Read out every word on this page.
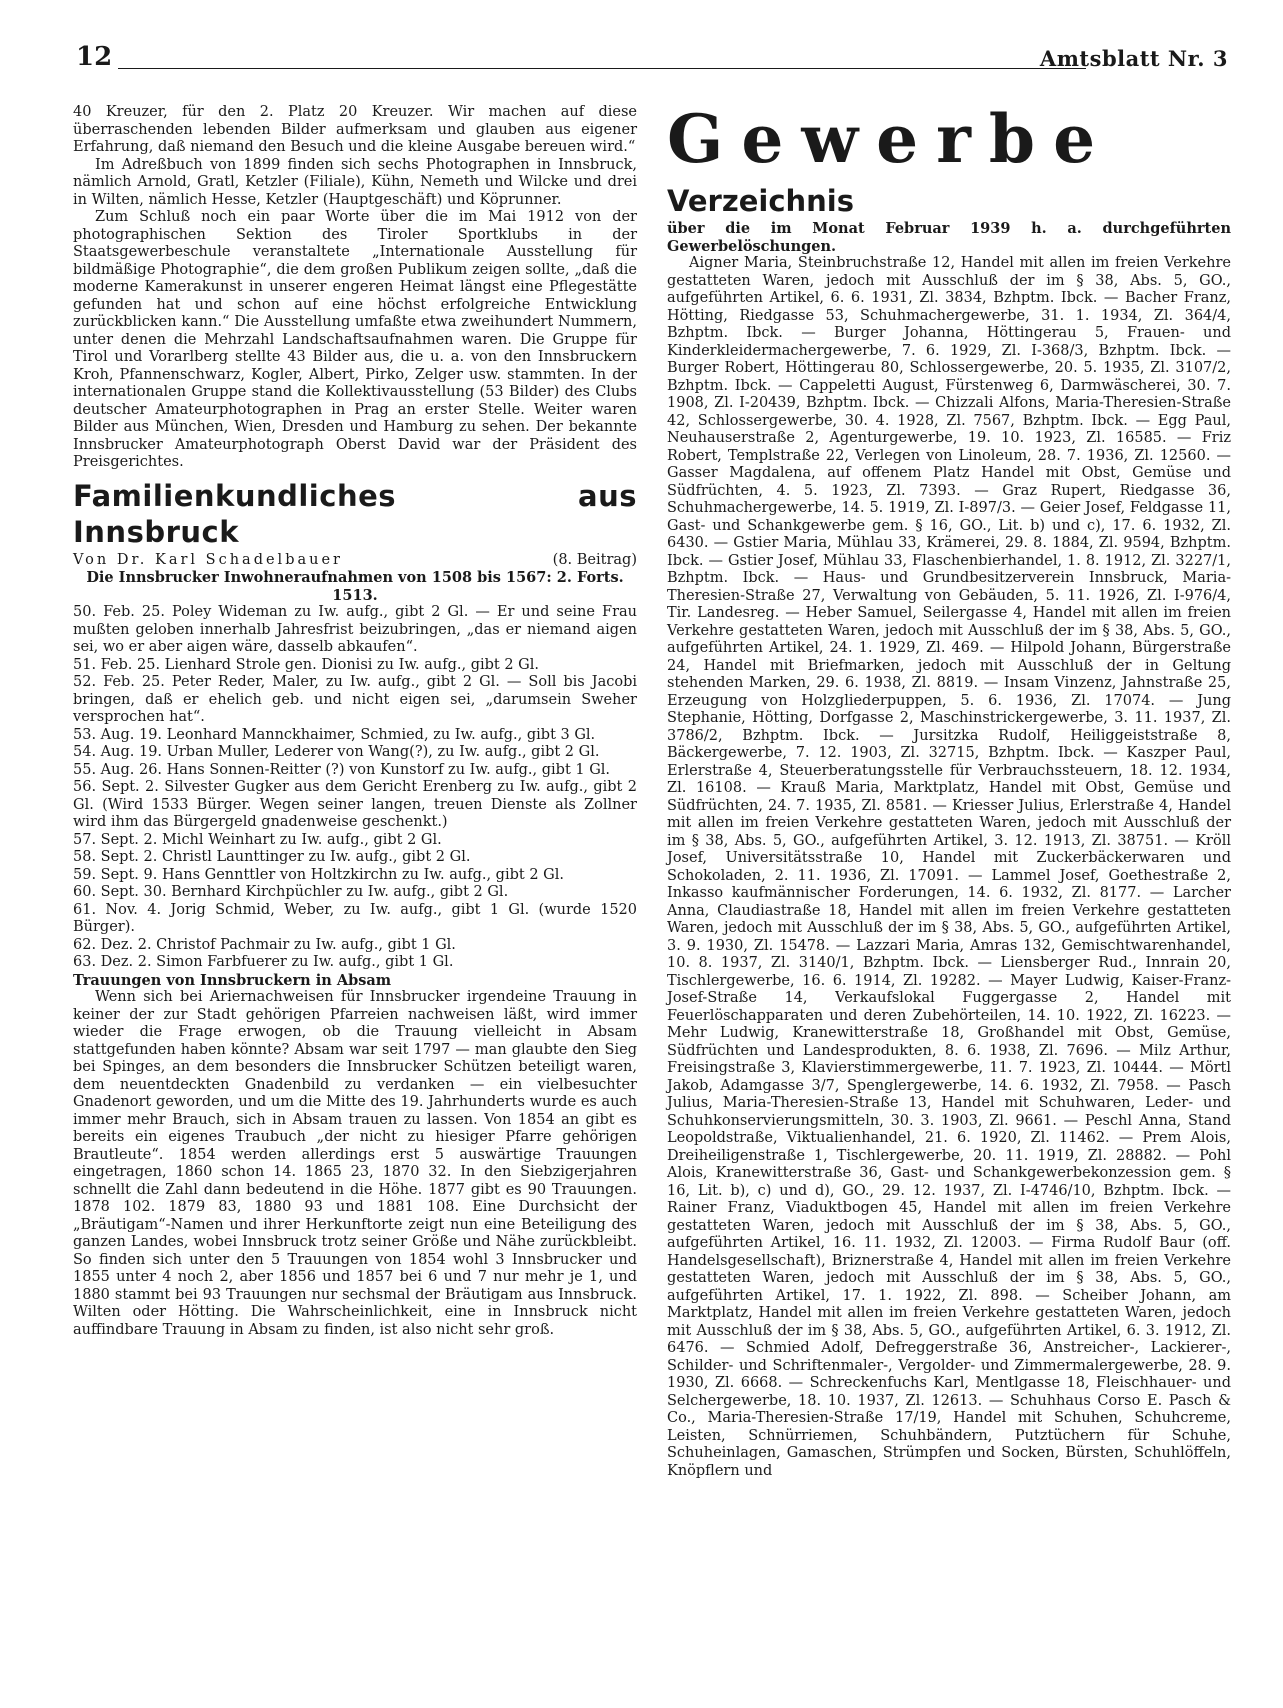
12	Amtsblatt Nr. 3

40 Kreuzer, für den 2. Platz 20 Kreuzer. Wir machen auf diese überraschenden lebenden Bilder aufmerksam und glauben aus eigener Erfahrung, daß niemand den Besuch und die kleine Ausgabe bereuen wird.“

Im Adreßbuch von 1899 finden sich sechs Photographen in Innsbruck, nämlich Arnold, Gratl, Ketzler (Filiale), Kühn, Nemeth und Wilcke und drei in Wilten, nämlich Hesse, Ketzler (Hauptgeschäft) und Köprunner.

Zum Schluß noch ein paar Worte über die im Mai 1912 von der photographischen Sektion des Tiroler Sportklubs in der Staatsgewerbeschule veranstaltete „Internationale Ausstellung für bildmäßige Photographie“, die dem großen Publikum zeigen sollte, „daß die moderne Kamerakunst in unserer engeren Heimat längst eine Pflegestätte gefunden hat und schon auf eine höchst erfolgreiche Entwicklung zurückblicken kann.“ Die Ausstellung umfaßte etwa zweihundert Nummern, unter denen die Mehrzahl Landschaftsaufnahmen waren. Die Gruppe für Tirol und Vorarlberg stellte 43 Bilder aus, die u. a. von den Innsbruckern Kroh, Pfannenschwarz, Kogler, Albert, Pirko, Zelger usw. stammten. In der internationalen Gruppe stand die Kollektivausstellung (53 Bilder) des Clubs deutscher Amateurphotographen in Prag an erster Stelle. Weiter waren Bilder aus München, Wien, Dresden und Hamburg zu sehen. Der bekannte Innsbrucker Amateurphotograph Oberst David war der Präsident des Preisgerichtes.

Familienkundliches aus Innsbruck
Von Dr. Karl Schadelbauer	(8. Beitrag)

Die Innsbrucker Inwohneraufnahmen von 1508 bis 1567: 2. Forts.

1513.

50. Feb. 25. Poley Wideman zu Iw. aufg., gibt 2 Gl. — Er und seine Frau mußten geloben innerhalb Jahresfrist beizubringen, „das er niemand aigen sei, wo er aber aigen wäre, dasselb abkaufen“.

51. Feb. 25. Lienhard Strole gen. Dionisi zu Iw. aufg., gibt 2 Gl.

52. Feb. 25. Peter Reder, Maler, zu Iw. aufg., gibt 2 Gl. — Soll bis Jacobi bringen, daß er ehelich geb. und nicht eigen sei, „darumsein Sweher versprochen hat“.

53. Aug. 19. Leonhard Mannckhaimer, Schmied, zu Iw. aufg., gibt 3 Gl.

54. Aug. 19. Urban Muller, Lederer von Wang(?), zu Iw. aufg., gibt 2 Gl.

55. Aug. 26. Hans Sonnen-Reitter (?) von Kunstorf zu Iw. aufg., gibt 1 Gl.

56. Sept. 2. Silvester Gugker aus dem Gericht Erenberg zu Iw. aufg., gibt 2 Gl. (Wird 1533 Bürger. Wegen seiner langen, treuen Dienste als Zollner wird ihm das Bürgergeld gnadenweise geschenkt.)

57. Sept. 2. Michl Weinhart zu Iw. aufg., gibt 2 Gl.

58. Sept. 2. Christl Launttinger zu Iw. aufg., gibt 2 Gl.

59. Sept. 9. Hans Gennttler von Holtzkirchn zu Iw. aufg., gibt 2 Gl.

60. Sept. 30. Bernhard Kirchpüchler zu Iw. aufg., gibt 2 Gl.

61. Nov. 4. Jorig Schmid, Weber, zu Iw. aufg., gibt 1 Gl. (wurde 1520 Bürger).

62. Dez. 2. Christof Pachmair zu Iw. aufg., gibt 1 Gl.

63. Dez. 2. Simon Farbfuerer zu Iw. aufg., gibt 1 Gl.

Trauungen von Innsbruckern in Absam

Wenn sich bei Ariernachweisen für Innsbrucker irgendeine Trauung in keiner der zur Stadt gehörigen Pfarreien nachweisen läßt, wird immer wieder die Frage erwogen, ob die Trauung vielleicht in Absam stattgefunden haben könnte? Absam war seit 1797 — man glaubte den Sieg bei Spinges, an dem besonders die Innsbrucker Schützen beteiligt waren, dem neuentdeckten Gnadenbild zu verdanken — ein vielbesuchter Gnadenort geworden, und um die Mitte des 19. Jahrhunderts wurde es auch immer mehr Brauch, sich in Absam trauen zu lassen. Von 1854 an gibt es bereits ein eigenes Traubuch „der nicht zu hiesiger Pfarre gehörigen Brautleute“. 1854 werden allerdings erst 5 auswärtige Trauungen eingetragen, 1860 schon 14. 1865 23, 1870 32. In den Siebzigerjahren schnellt die Zahl dann bedeutend in die Höhe. 1877 gibt es 90 Trauungen. 1878 102. 1879 83, 1880 93 und 1881 108. Eine Durchsicht der „Bräutigam“-Namen und ihrer Herkunftorte zeigt nun eine Beteiligung des ganzen Landes, wobei Innsbruck trotz seiner Größe und Nähe zurückbleibt. So finden sich unter den 5 Trauungen von 1854 wohl 3 Innsbrucker und 1855 unter 4 noch 2, aber 1856 und 1857 bei 6 und 7 nur mehr je 1, und 1880 stammt bei 93 Trauungen nur sechsmal der Bräutigam aus Innsbruck. Wilten oder Hötting. Die Wahrscheinlichkeit, eine in Innsbruck nicht auffindbare Trauung in Absam zu finden, ist also nicht sehr groß.

Gewerbe
Verzeichnis

über die im Monat Februar 1939 h. a. durchgeführten Gewerbelöschungen.

Aigner Maria, Steinbruchstraße 12, Handel mit allen im freien Verkehre gestatteten Waren, jedoch mit Ausschluß der im § 38, Abs. 5, GO., aufgeführten Artikel, 6. 6. 1931, Zl. 3834, Bzhptm. Ibck. — Bacher Franz, Hötting, Riedgasse 53, Schuhmachergewerbe, 31. 1. 1934, Zl. 364/4, Bzhptm. Ibck. — Burger Johanna, Höttingerau 5, Frauen- und Kinderkleidermachergewerbe, 7. 6. 1929, Zl. I-368/3, Bzhptm. Ibck. — Burger Robert, Höttingerau 80, Schlossergewerbe, 20. 5. 1935, Zl. 3107/2, Bzhptm. Ibck. — Cappeletti August, Fürstenweg 6, Darmwäscherei, 30. 7. 1908, Zl. I-20439, Bzhptm. Ibck. — Chizzali Alfons, Maria-Theresien-Straße 42, Schlossergewerbe, 30. 4. 1928, Zl. 7567, Bzhptm. Ibck. — Egg Paul, Neuhauserstraße 2, Agenturgewerbe, 19. 10. 1923, Zl. 16585. — Friz Robert, Templstraße 22, Verlegen von Linoleum, 28. 7. 1936, Zl. 12560. — Gasser Magdalena, auf offenem Platz Handel mit Obst, Gemüse und Südfrüchten, 4. 5. 1923, Zl. 7393. — Graz Rupert, Riedgasse 36, Schuhmachergewerbe, 14. 5. 1919, Zl. I-897/3. — Geier Josef, Feldgasse 11, Gast- und Schankgewerbe gem. § 16, GO., Lit. b) und c), 17. 6. 1932, Zl. 6430. — Gstier Maria, Mühlau 33, Krämerei, 29. 8. 1884, Zl. 9594, Bzhptm. Ibck. — Gstier Josef, Mühlau 33, Flaschenbierhandel, 1. 8. 1912, Zl. 3227/1, Bzhptm. Ibck. — Haus- und Grundbesitzerverein Innsbruck, Maria-Theresien-Straße 27, Verwaltung von Gebäuden, 5. 11. 1926, Zl. I-976/4, Tir. Landesreg. — Heber Samuel, Seilergasse 4, Handel mit allen im freien Verkehre gestatteten Waren, jedoch mit Ausschluß der im § 38, Abs. 5, GO., aufgeführten Artikel, 24. 1. 1929, Zl. 469. — Hilpold Johann, Bürgerstraße 24, Handel mit Briefmarken, jedoch mit Ausschluß der in Geltung stehenden Marken, 29. 6. 1938, Zl. 8819. — Insam Vinzenz, Jahnstraße 25, Erzeugung von Holzgliederpuppen, 5. 6. 1936, Zl. 17074. — Jung Stephanie, Hötting, Dorfgasse 2, Maschinstrickergewerbe, 3. 11. 1937, Zl. 3786/2, Bzhptm. Ibck. — Jursitzka Rudolf, Heiliggeiststraße 8, Bäckergewerbe, 7. 12. 1903, Zl. 32715, Bzhptm. Ibck. — Kaszper Paul, Erlerstraße 4, Steuerberatungsstelle für Verbrauchssteuern, 18. 12. 1934, Zl. 16108. — Krauß Maria, Marktplatz, Handel mit Obst, Gemüse und Südfrüchten, 24. 7. 1935, Zl. 8581. — Kriesser Julius, Erlerstraße 4, Handel mit allen im freien Verkehre gestatteten Waren, jedoch mit Ausschluß der im § 38, Abs. 5, GO., aufgeführten Artikel, 3. 12. 1913, Zl. 38751. — Kröll Josef, Universitätsstraße 10, Handel mit Zuckerbäckerwaren und Schokoladen, 2. 11. 1936, Zl. 17091. — Lammel Josef, Goethestraße 2, Inkasso kaufmännischer Forderungen, 14. 6. 1932, Zl. 8177. — Larcher Anna, Claudiastraße 18, Handel mit allen im freien Verkehre gestatteten Waren, jedoch mit Ausschluß der im § 38, Abs. 5, GO., aufgeführten Artikel, 3. 9. 1930, Zl. 15478. — Lazzari Maria, Amras 132, Gemischtwarenhandel, 10. 8. 1937, Zl. 3140/1, Bzhptm. Ibck. — Liensberger Rud., Innrain 20, Tischlergewerbe, 16. 6. 1914, Zl. 19282. — Mayer Ludwig, Kaiser-Franz-Josef-Straße 14, Verkaufslokal Fuggergasse 2, Handel mit Feuerlöschapparaten und deren Zubehörteilen, 14. 10. 1922, Zl. 16223. — Mehr Ludwig, Kranewitterstraße 18, Großhandel mit Obst, Gemüse, Südfrüchten und Landesprodukten, 8. 6. 1938, Zl. 7696. — Milz Arthur, Freisingstraße 3, Klavierstimmergewerbe, 11. 7. 1923, Zl. 10444. — Mörtl Jakob, Adamgasse 3/7, Spenglergewerbe, 14. 6. 1932, Zl. 7958. — Pasch Julius, Maria-Theresien-Straße 13, Handel mit Schuhwaren, Leder- und Schuhkonservierungsmitteln, 30. 3. 1903, Zl. 9661. — Peschl Anna, Stand Leopoldstraße, Viktualienhandel, 21. 6. 1920, Zl. 11462. — Prem Alois, Dreiheiligenstraße 1, Tischlergewerbe, 20. 11. 1919, Zl. 28882. — Pohl Alois, Kranewitterstraße 36, Gast- und Schankgewerbekonzession gem. § 16, Lit. b), c) und d), GO., 29. 12. 1937, Zl. I-4746/10, Bzhptm. Ibck. — Rainer Franz, Viaduktbogen 45, Handel mit allen im freien Verkehre gestatteten Waren, jedoch mit Ausschluß der im § 38, Abs. 5, GO., aufgeführten Artikel, 16. 11. 1932, Zl. 12003. — Firma Rudolf Baur (off. Handelsgesellschaft), Briznerstraße 4, Handel mit allen im freien Verkehre gestatteten Waren, jedoch mit Ausschluß der im § 38, Abs. 5, GO., aufgeführten Artikel, 17. 1. 1922, Zl. 898. — Scheiber Johann, am Marktplatz, Handel mit allen im freien Verkehre gestatteten Waren, jedoch mit Ausschluß der im § 38, Abs. 5, GO., aufgeführten Artikel, 6. 3. 1912, Zl. 6476. — Schmied Adolf, Defreggerstraße 36, Anstreicher-, Lackierer-, Schilder- und Schriftenmaler-, Vergolder- und Zimmermalergewerbe, 28. 9. 1930, Zl. 6668. — Schreckenfuchs Karl, Mentlgasse 18, Fleischhauer- und Selchergewerbe, 18. 10. 1937, Zl. 12613. — Schuhhaus Corso E. Pasch & Co., Maria-Theresien-Straße 17/19, Handel mit Schuhen, Schuhcreme, Leisten, Schnürriemen, Schuhbändern, Putztüchern für Schuhe, Schuheinlagen, Gamaschen, Strümpfen und Socken, Bürsten, Schuhlöffeln, Knöpflern und
